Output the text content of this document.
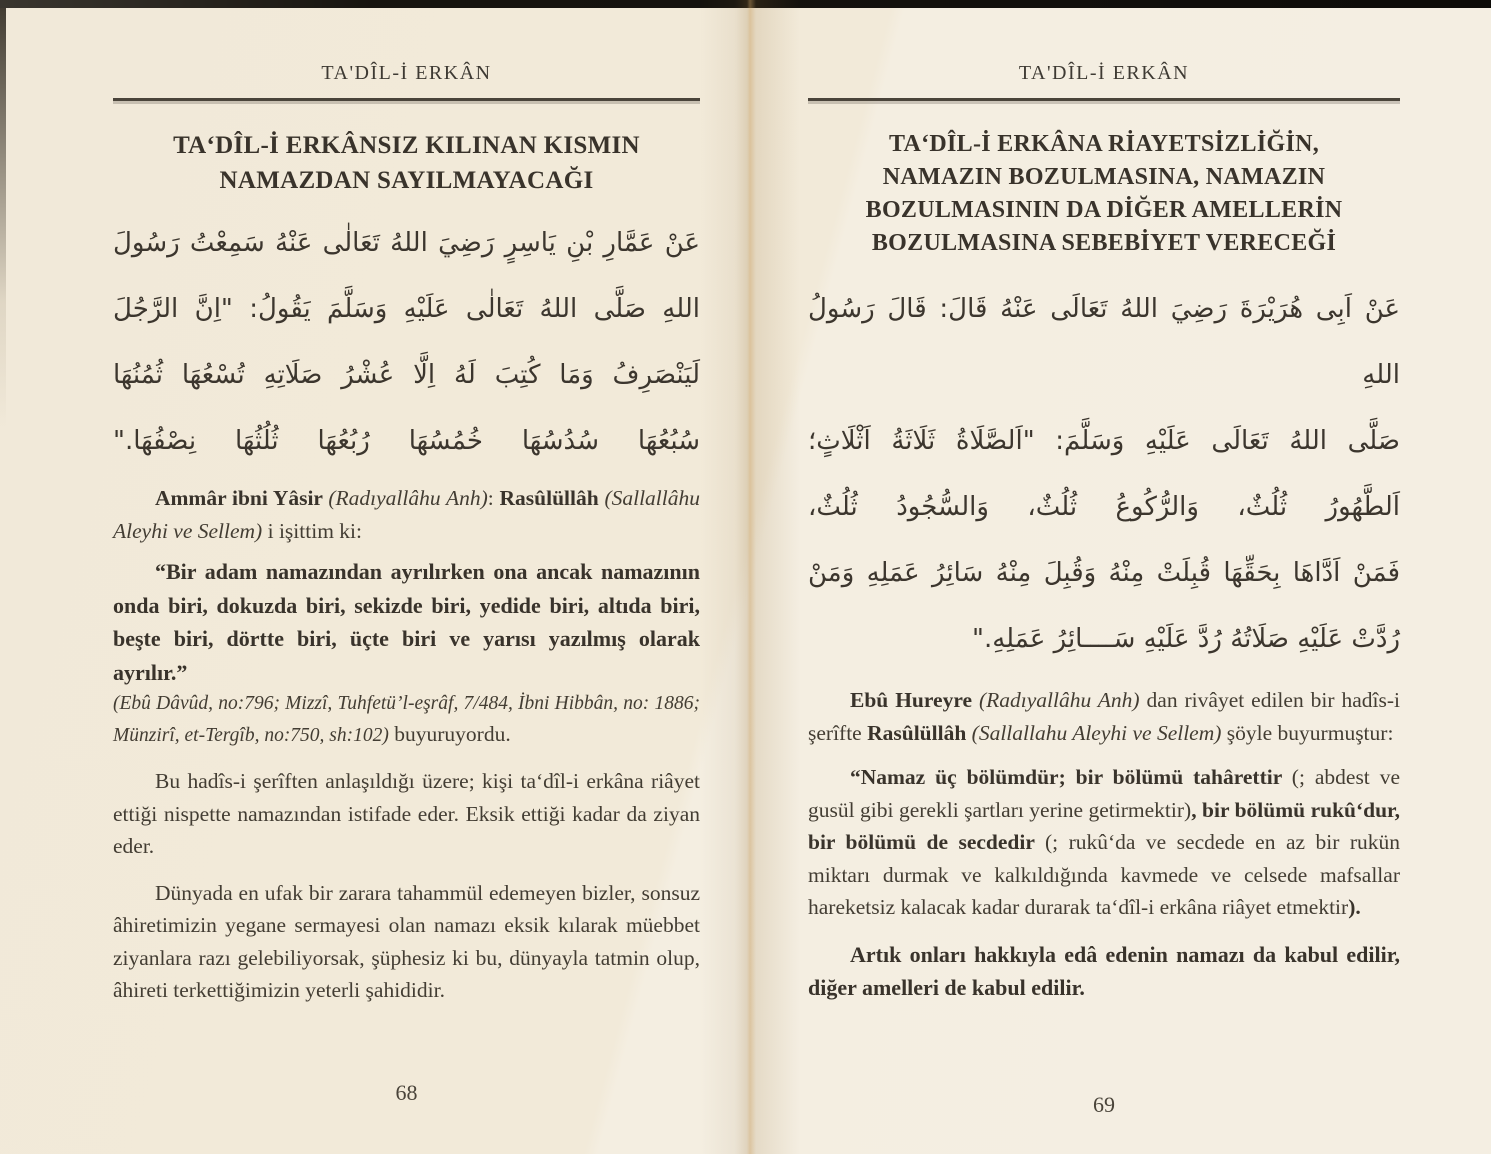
TA'DÎL-İ ERKÂN
TA‘DÎL-İ ERKÂNSIZ KILINAN KISMIN
NAMAZDAN SAYILMAYACAĞI
عَنْ عَمَّارِ بْنِ يَاسِرٍ رَضِيَ اللهُ تَعَالٰى عَنْهُ سَمِعْتُ رَسُولَ
اللهِ صَلَّى اللهُ تَعَالٰى عَلَيْهِ وَسَلَّمَ يَقُولُ: "اِنَّ الرَّجُلَ
لَيَنْصَرِفُ وَمَا كُتِبَ لَهُ اِلَّا عُشْرُ صَلَاتِهِ تُسْعُهَا ثُمُنُهَا
سُبُعُهَا سُدُسُهَا خُمُسُهَا رُبُعُهَا ثُلُثُهَا نِصْفُهَا."

Ammâr ibni Yâsir (Radıyallâhu Anh): Rasûlüllâh (Sallallâhu Aleyhi ve Sellem) i işittim ki:

“Bir adam namazından ayrılırken ona ancak namazının onda biri, dokuzda biri, sekizde biri, yedide biri, altıda biri, beşte biri, dörtte biri, üçte biri ve yarısı yazılmış olarak ayrılır.”

(Ebû Dâvûd, no:796; Mizzî, Tuhfetü’l-eşrâf, 7/484, İbni Hibbân, no: 1886; Münzirî, et-Tergîb, no:750, sh:102) buyuruyordu.

Bu hadîs-i şerîften anlaşıldığı üzere; kişi ta‘dîl-i erkâna riâyet ettiği nispette namazından istifade eder. Eksik ettiği kadar da ziyan eder.

Dünyada en ufak bir zarara tahammül edemeyen bizler, sonsuz âhiretimizin yegane sermayesi olan namazı eksik kılarak müebbet ziyanlara razı gelebiliyorsak, şüphesiz ki bu, dünyayla tatmin olup, âhireti terkettiğimizin yeterli şahididir.

68
TA'DÎL-İ ERKÂN
TA‘DÎL-İ ERKÂNA RİAYETSİZLİĞİN,
NAMAZIN BOZULMASINA, NAMAZIN
BOZULMASININ DA DİĞER AMELLERİN
BOZULMASINA SEBEBİYET VERECEĞİ
عَنْ اَبِى هُرَيْرَةَ رَضِيَ اللهُ تَعَالَى عَنْهُ قَالَ: قَالَ رَسُولُ اللهِ
صَلَّى اللهُ تَعَالَى عَلَيْهِ وَسَلَّمَ: "اَلصَّلَاةُ ثَلَاثَةُ اَثْلَاثٍ؛
اَلطَّهُورُ ثُلُثٌ، وَالرُّكُوعُ ثُلُثٌ، وَالسُّجُودُ ثُلُثٌ،
فَمَنْ اَدَّاهَا بِحَقِّهَا قُبِلَتْ مِنْهُ وَقُبِلَ مِنْهُ سَائِرُ عَمَلِهِ وَمَنْ
رُدَّتْ عَلَيْهِ صَلَاتُهُ رُدَّ عَلَيْهِ سَــــائِرُ عَمَلِهِ."

Ebû Hureyre (Radıyallâhu Anh) dan rivâyet edilen bir hadîs-i şerîfte Rasûlüllâh (Sallallahu Aleyhi ve Sellem) şöyle buyurmuştur:

“Namaz üç bölümdür; bir bölümü tahârettir (; abdest ve gusül gibi gerekli şartları yerine getirmektir), bir bölümü rukû‘dur, bir bölümü de secdedir (; rukû‘da ve secdede en az bir rukün miktarı durmak ve kalkıldığında kavmede ve celsede mafsallar hareketsiz kalacak kadar durarak ta‘dîl-i erkâna riâyet etmektir).

Artık onları hakkıyla edâ edenin namazı da kabul edilir, diğer amelleri de kabul edilir.

69
